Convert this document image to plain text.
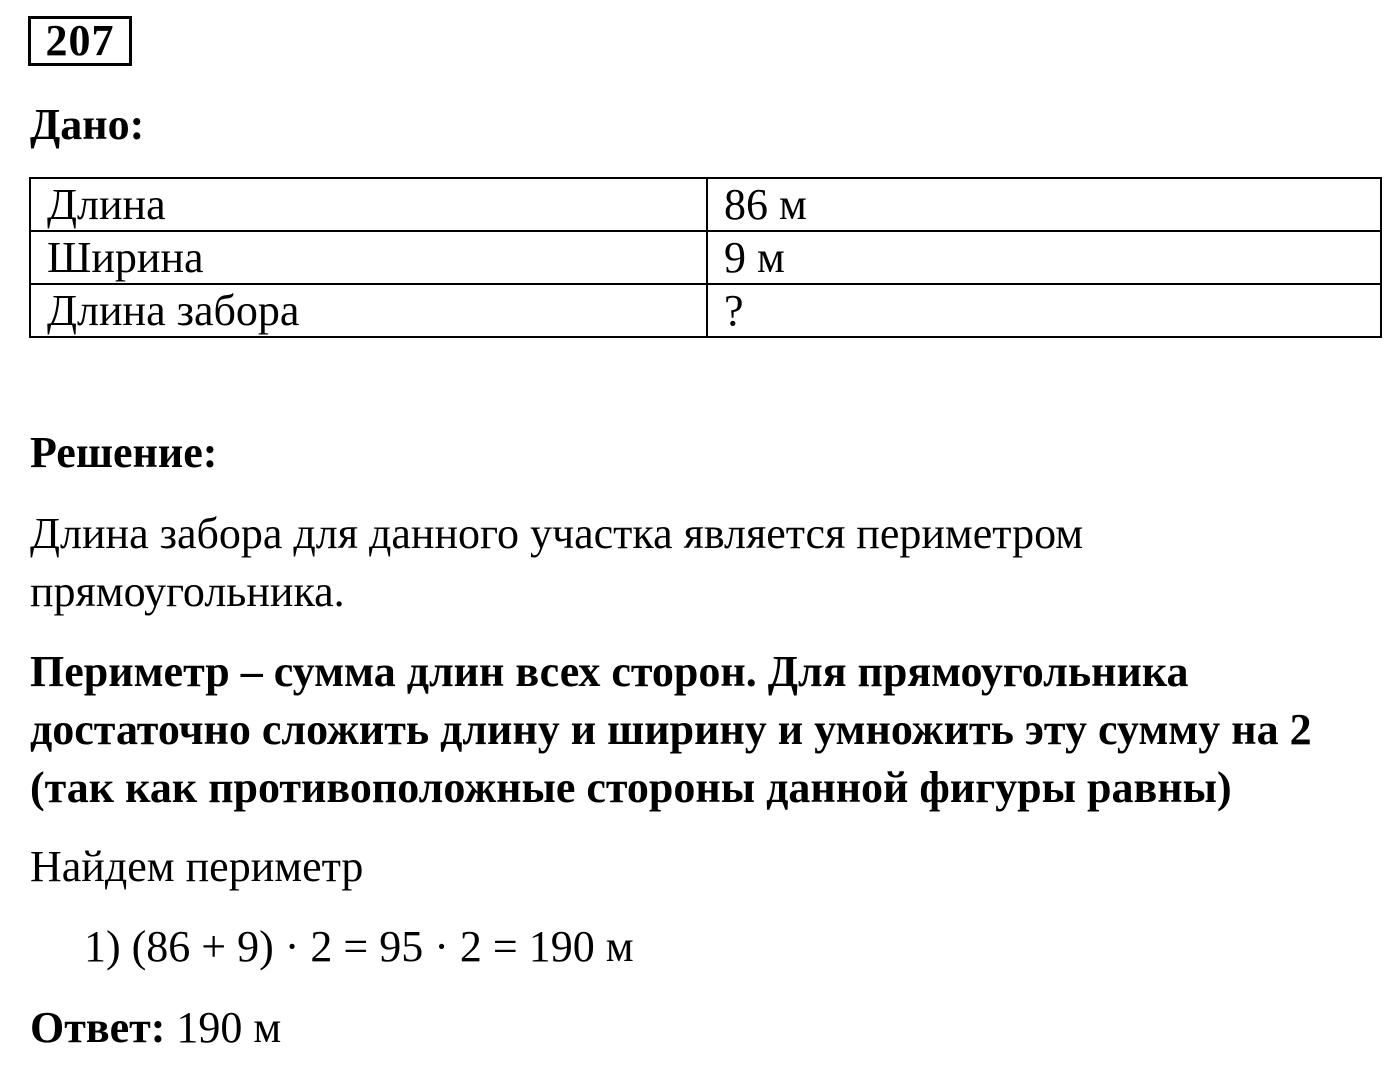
207
Дано:
Длина	86 м
Ширина	9 м
Длина забора	?
Решение:

Длина забора для данного участка является периметром прямоугольника.

Периметр – сумма длин всех сторон. Для прямоугольника достаточно сложить длину и ширину и умножить эту сумму на 2 (так как противоположные стороны данной фигуры равны)

Найдем периметр

1) (86 + 9) · 2 = 95 · 2 = 190 м

Ответ: 190 м
